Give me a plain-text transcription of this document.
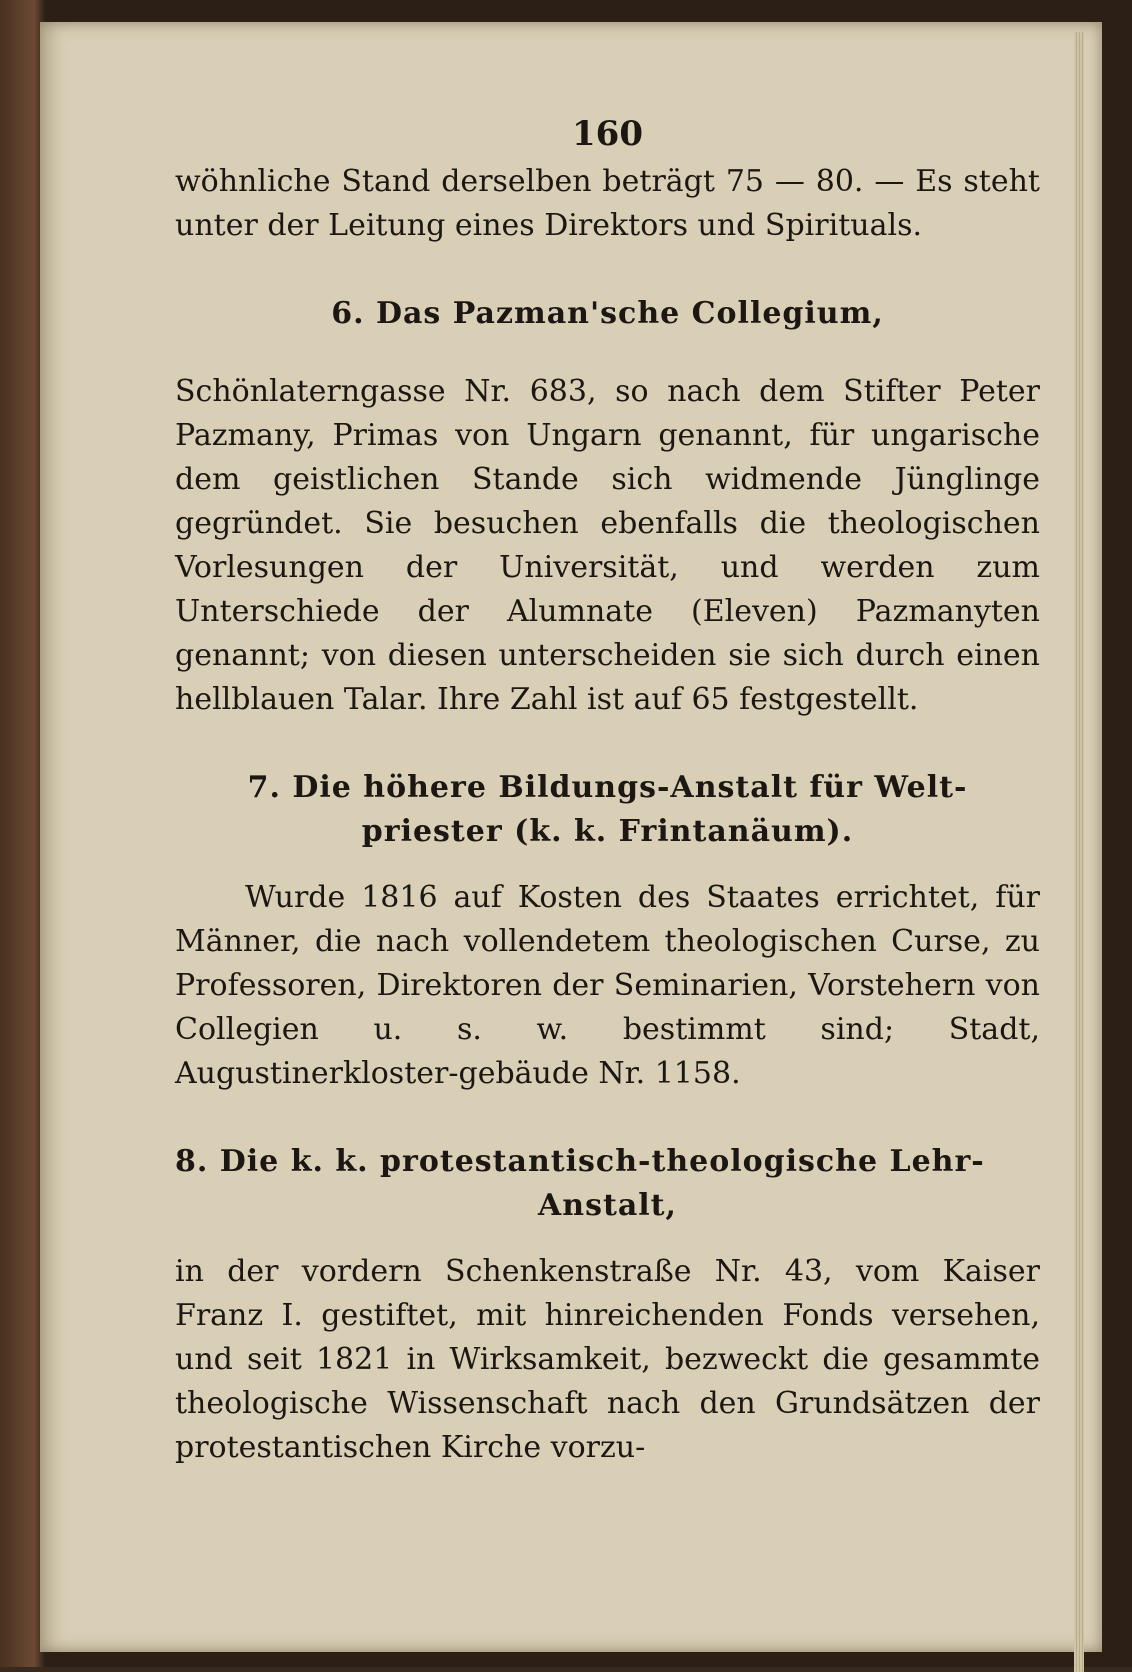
160

wöhnliche Stand derselben beträgt 75 — 80. — Es steht unter der Leitung eines Direktors und Spirituals.

6. Das Pazman'sche Collegium,

Schönlaterngasse Nr. 683, so nach dem Stifter Peter Pazmany, Primas von Ungarn genannt, für ungarische dem geistlichen Stande sich widmende Jünglinge gegründet. Sie besuchen ebenfalls die theologischen Vorlesungen der Universität, und werden zum Unterschiede der Alumnate (Eleven) Pazmanyten genannt; von diesen unterscheiden sie sich durch einen hellblauen Talar. Ihre Zahl ist auf 65 festgestellt.

7. Die höhere Bildungs-Anstalt für Welt-
priester (k. k. Frintanäum).

Wurde 1816 auf Kosten des Staates errichtet, für Männer, die nach vollendetem theologischen Curse, zu Professoren, Direktoren der Seminarien, Vorstehern von Collegien u. s. w. bestimmt sind; Stadt, Augustinerkloster-gebäude Nr. 1158.

8. Die k. k. protestantisch-theologische Lehr-
Anstalt,

in der vordern Schenkenstraße Nr. 43, vom Kaiser Franz I. gestiftet, mit hinreichenden Fonds versehen, und seit 1821 in Wirksamkeit, bezweckt die gesammte theologische Wissenschaft nach den Grundsätzen der protestantischen Kirche vorzu-
